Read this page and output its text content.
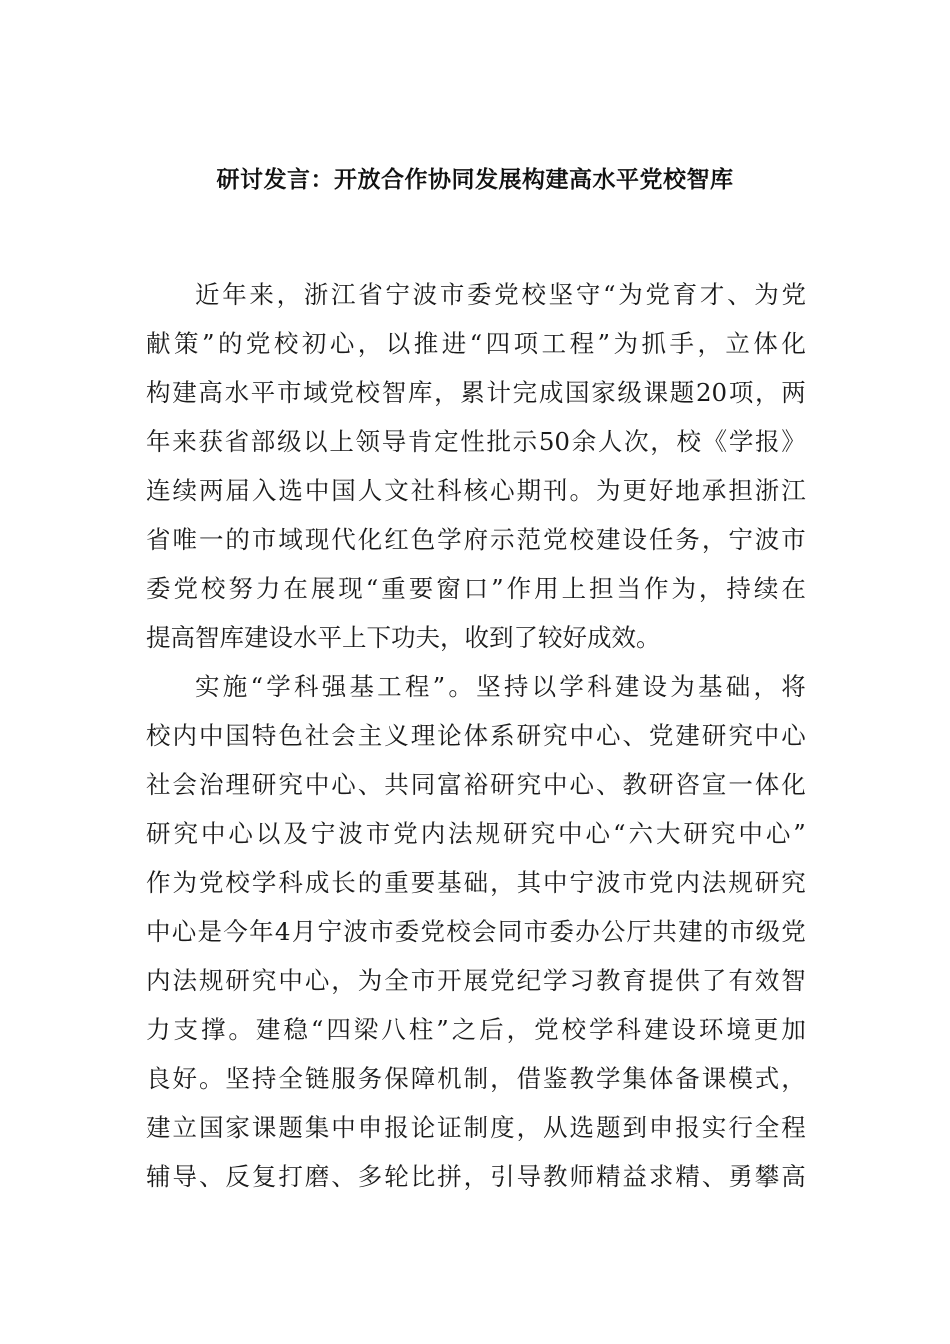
研讨发言：开放合作协同发展构建高水平党校智库
近 年 来 ， 浙 江 省 宁 波 市 委 党 校 坚 守 “ 为 党 育 才 、 为 党
献 策 ” 的 党 校 初 心 ， 以 推 进 “ 四 项 工 程 ” 为 抓 手 ， 立 体 化
构 建 高 水 平 市 域 党 校 智 库 ， 累 计 完 成 国 家 级 课 题 20 项 ， 两
年 来 获 省 部 级 以 上 领 导 肯 定 性 批 示 50 余 人 次 ， 校 《 学 报 》
连 续 两 届 入 选 中 国 人 文 社 科 核 心 期 刊 。 为 更 好 地 承 担 浙 江
省 唯 一 的 市 域 现 代 化 红 色 学 府 示 范 党 校 建 设 任 务 ， 宁 波 市
委 党 校 努 力 在 展 现 “ 重 要 窗 口 ” 作 用 上 担 当 作 为 ， 持 续 在
提高智库建设水平上下功夫，收到了较好成效。
实 施 “ 学 科 强 基 工 程 ” 。 坚 持 以 学 科 建 设 为 基 础 ， 将
校 内 中 国 特 色 社 会 主 义 理 论 体 系 研 究 中 心 、 党 建 研 究 中 心
社 会 治 理 研 究 中 心 、 共 同 富 裕 研 究 中 心 、 教 研 咨 宣 一 体 化
研 究 中 心 以 及 宁 波 市 党 内 法 规 研 究 中 心 “ 六 大 研 究 中 心 ”
作 为 党 校 学 科 成 长 的 重 要 基 础 ， 其 中 宁 波 市 党 内 法 规 研 究
中 心 是 今 年 4 月 宁 波 市 委 党 校 会 同 市 委 办 公 厅 共 建 的 市 级 党
内 法 规 研 究 中 心 ， 为 全 市 开 展 党 纪 学 习 教 育 提 供 了 有 效 智
力 支 撑 。 建 稳 “ 四 梁 八 柱 ” 之 后 ， 党 校 学 科 建 设 环 境 更 加
良 好 。 坚 持 全 链 服 务 保 障 机 制 ， 借 鉴 教 学 集 体 备 课 模 式 ，
建 立 国 家 课 题 集 中 申 报 论 证 制 度 ， 从 选 题 到 申 报 实 行 全 程
辅 导 、 反 复 打 磨 、 多 轮 比 拼 ， 引 导 教 师 精 益 求 精 、 勇 攀 高
